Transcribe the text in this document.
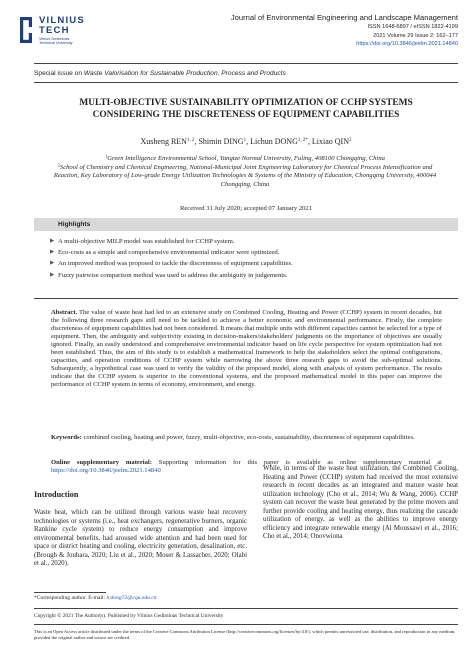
VILNIUS
TECH
Vilnius Gediminas
Technical University
Journal of Environmental Engineering and Landscape Management
ISSN 1648-6897 / eISSN 1822-4199
2021 Volume 29 Issue 2: 162–177
https://doi.org/10.3846/jeelm.2021.14840
Special issue on Waste Valorisation for Sustainable Production, Process and Products
MULTI-OBJECTIVE SUSTAINABILITY OPTIMIZATION OF CCHP SYSTEMS
CONSIDERING THE DISCRETENESS OF EQUIPMENT CAPABILITIES
Xusheng REN$^{1, 2}$, Shimin DING$^1$, Lichun $DONG^{1, 2*}$, Lixiao QIN$^2$
$^1$Green Intelligence Environmental School, Yangtze Normal University, Fuling, 408100 Chongqing, China
$^2$School of Chemistry and Chemical Engineering, National-Municipal Joint Engineering Laboratory for Chemical Process Intensification and Reaction, Key Laboratory of Low-grade Energy Utilization Technologies & Systems of the Ministry of Education, Chongqing University, 400044 Chongqing, China
Received 31 July 2020; accepted 07 January 2021
Highlights
▶ A multi-objective MILP model was established for CCHP system.
▶ Eco-costs as a simple and comprehensive environmental indicator were optimized.
▶ An improved method was proposed to tackle the discreteness of equipment capabilities.
▶ Fuzzy pairwise comparison method was used to address the ambiguity in judgements.
Abstract. The value of waste heat had led to an extensive study on Combined Cooling, Heating and Power (CCHP) system in recent decades, but the following three research gaps still need to be tackled to achieve a better economic and environmental performance. Firstly, the complete discreteness of equipment capabilities had not been considered. It means that multiple units with different capacities cannot be selected for a type of equipment. Then, the ambiguity and subjectivity existing in decision-makers/stakeholders' judgments on the importance of objectives are usually ignored. Finally, an easily understood and comprehensive environmental indicator based on life cycle perspective for system optimization had not been established. Thus, the aim of this study is to establish a mathematical framework to help the stakeholders select the optimal configurations, capacities, and operation conditions of CCHP system while narrowing the above three research gaps to avoid the sub-optimal solutions. Subsequently, a hypothetical case was used to verify the validity of the proposed model, along with analysis of system performance. The results indicate that the CCHP system is superior to the conventional systems, and the proposed mathematical model in this paper can improve the performance of CCHP system in terms of economy, environment, and energy.
Keywords: combined cooling, heating and power, fuzzy, multi-objective, eco-costs, sustainability, discreteness of equipment capabilities.
Online supplementary material: Supporting information for this paper is available as online supplementary material at https://doi.org/10.3846/jeelm.2021.14840
Introduction
Waste heat, which can be utilized through various waste heat recovery technologies or systems (i.e., heat exchangers, regenerative burners, organic Rankine cycle system) to reduce energy consumption and improve environmental benefits, had aroused wide attention and had been used for space or district heating and cooling, electricity generation, desalination, etc. (Brough & Jouhara, 2020; Liu et al., 2020; Moser & Lassacher, 2020; Olabi et al., 2020).
While, in terms of the waste heat utilization, the Combined Cooling, Heating and Power (CCHP) system had received the most extensive research in recent decades as an integrated and mature waste heat utilization technology (Cho et al., 2014; Wu & Wang, 2006). CCHP system can recover the waste heat generated by the prime movers and further provide cooling and heating energy, thus realizing the cascade utilization of energy, as well as the abilities to improve energy efficiency and integrate renewable energy (Al Moussawi et al., 2016; Cho et al., 2014; Onovwiona
*Corresponding author. E-mail: lcdong72@cqu.edu.cn
Copyright © 2021 The Author(s). Published by Vilnius Gediminas Technical University
This is an Open Access article distributed under the terms of the Creative Commons Attribution License (http://creativecommons.org/licenses/by/4.0/), which permits unrestricted use, distribution, and reproduction in any medium, provided the original author and source are credited.
